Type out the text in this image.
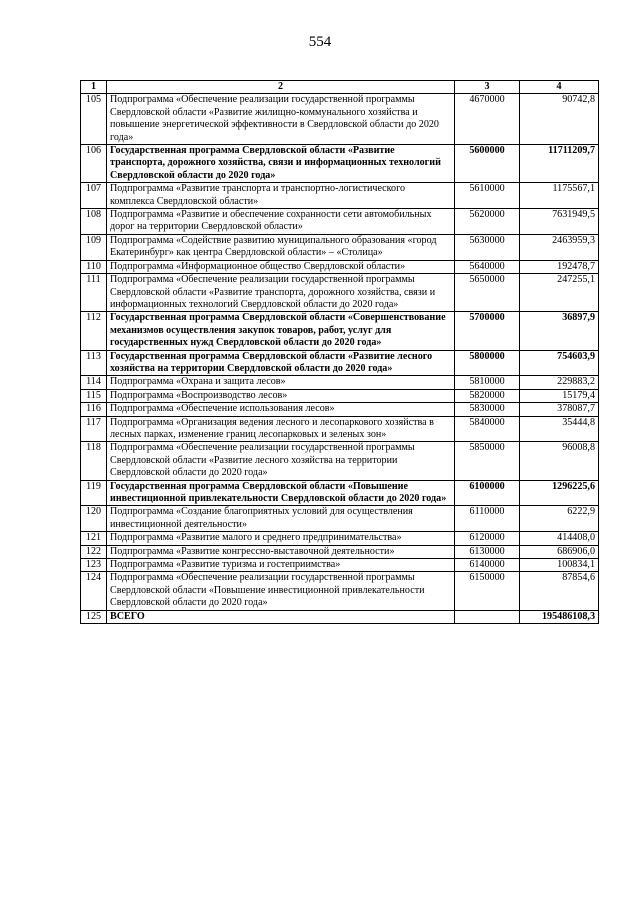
554
1	2	3	4
105	Подпрограмма «Обеспечение реализации государственной программы Свердловской области «Развитие жилищно-коммунального хозяйства и повышение энергетической эффективности в Свердловской области до 2020 года»	4670000	90742,8
106	Государственная программа Свердловской области «Развитие транспорта, дорожного хозяйства, связи и информационных технологий Свердловской области до 2020 года»	5600000	11711209,7
107	Подпрограмма «Развитие транспорта и транспортно-логистического комплекса Свердловской области»	5610000	1175567,1
108	Подпрограмма «Развитие и обеспечение сохранности сети автомобильных дорог на территории Свердловской области»	5620000	7631949,5
109	Подпрограмма «Содействие развитию муниципального образования «город Екатеринбург» как центра Свердловской области» – «Столица»	5630000	2463959,3
110	Подпрограмма «Информационное общество Свердловской области»	5640000	192478,7
111	Подпрограмма «Обеспечение реализации государственной программы Свердловской области «Развитие транспорта, дорожного хозяйства, связи и информационных технологий Свердловской области до 2020 года»	5650000	247255,1
112	Государственная программа Свердловской области «Совершенствование механизмов осуществления закупок товаров, работ, услуг для государственных нужд Свердловской области до 2020 года»	5700000	36897,9
113	Государственная программа Свердловской области «Развитие лесного хозяйства на территории Свердловской области до 2020 года»	5800000	754603,9
114	Подпрограмма «Охрана и защита лесов»	5810000	229883,2
115	Подпрограмма «Воспроизводство лесов»	5820000	15179,4
116	Подпрограмма «Обеспечение использования лесов»	5830000	378087,7
117	Подпрограмма «Организация ведения лесного и лесопаркового хозяйства в лесных парках, изменение границ лесопарковых и зеленых зон»	5840000	35444,8
118	Подпрограмма «Обеспечение реализации государственной программы Свердловской области «Развитие лесного хозяйства на территории Свердловской области до 2020 года»	5850000	96008,8
119	Государственная программа Свердловской области «Повышение инвестиционной привлекательности Свердловской области до 2020 года»	6100000	1296225,6
120	Подпрограмма «Создание благоприятных условий для осуществления инвестиционной деятельности»	6110000	6222,9
121	Подпрограмма «Развитие малого и среднего предпринимательства»	6120000	414408,0
122	Подпрограмма «Развитие конгрессно-выставочной деятельности»	6130000	686906,0
123	Подпрограмма «Развитие туризма и гостеприимства»	6140000	100834,1
124	Подпрограмма «Обеспечение реализации государственной программы Свердловской области «Повышение инвестиционной привлекательности Свердловской области до 2020 года»	6150000	87854,6
125	ВСЕГО		195486108,3
